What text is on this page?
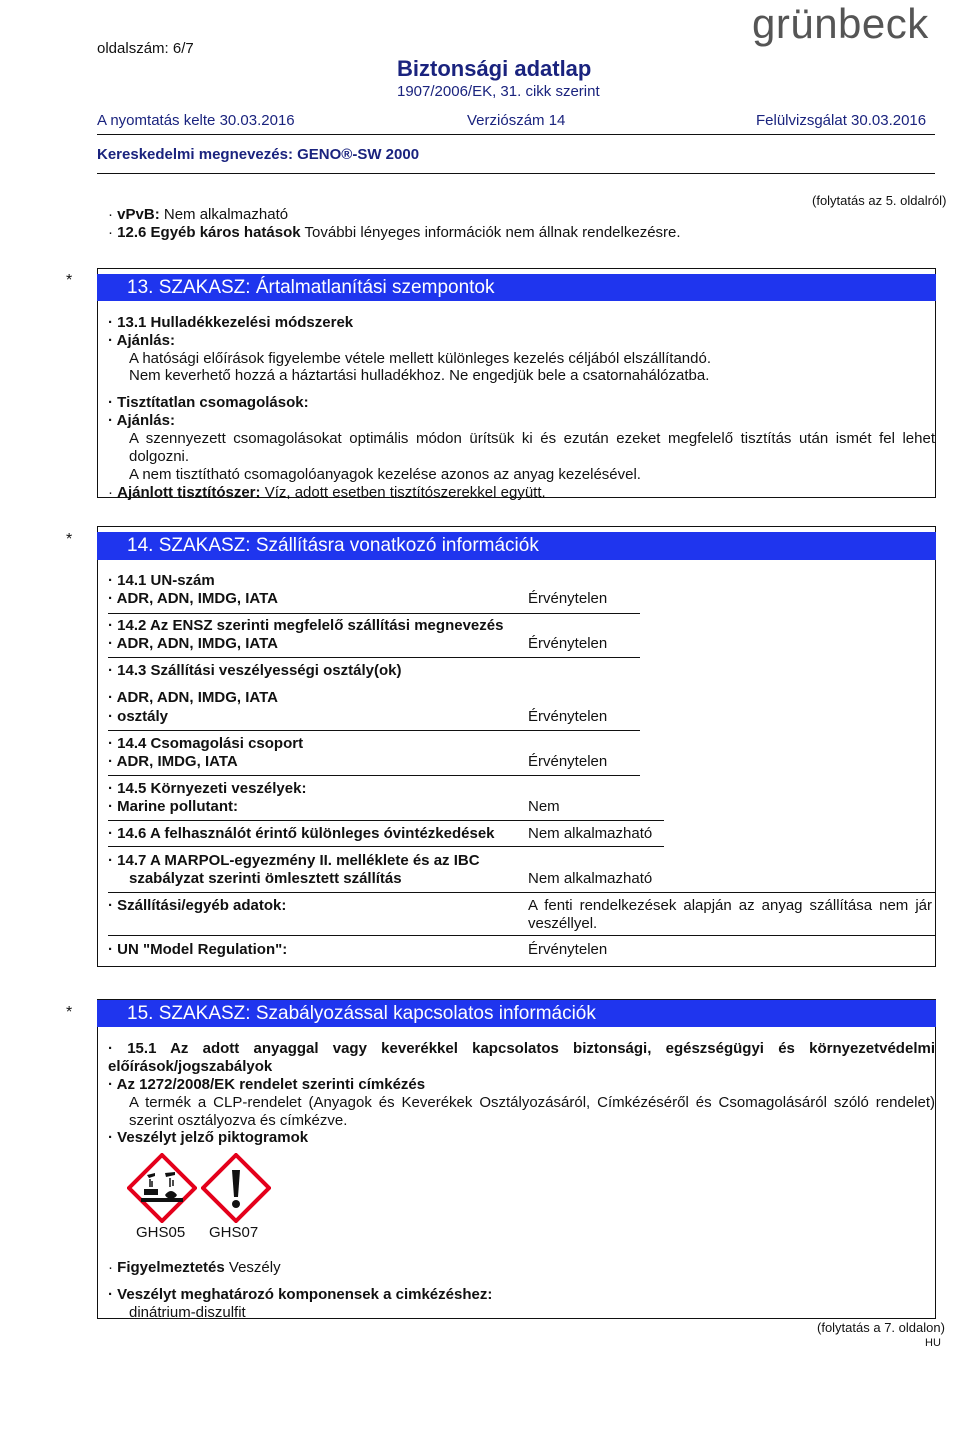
oldalszám: 6/7
Biztonsági adatlap
1907/2006/EK, 31. cikk szerint
grünbeck
A nyomtatás kelte 30.03.2016	Verziószám 14	Felülvizsgálat 30.03.2016
Kereskedelmi megnevezés: GENO®-SW 2000
(folytatás az 5. oldalról)
· vPvB: Nem alkalmazható
· 12.6 Egyéb káros hatások További lényeges információk nem állnak rendelkezésre.
*	13. SZAKASZ: Ártalmatlanítási szempontok
· 13.1 Hulladékkezelési módszerek
· Ajánlás:
A hatósági előírások figyelembe vétele mellett különleges kezelés céljából elszállítandó.
Nem keverhető hozzá a háztartási hulladékhoz. Ne engedjük bele a csatornahálózatba.
· Tisztítatlan csomagolások:
· Ajánlás:
A szennyezett csomagolásokat optimális módon ürítsük ki és ezután ezeket megfelelő tisztítás után ismét fel lehet dolgozni.
A nem tisztítható csomagolóanyagok kezelése azonos az anyag kezelésével.
· Ajánlott tisztítószer: Víz, adott esetben tisztítószerekkel együtt.
*	14. SZAKASZ: Szállításra vonatkozó információk
· 14.1 UN-szám
· ADR, ADN, IMDG, IATA	Érvénytelen
· 14.2 Az ENSZ szerinti megfelelő szállítási megnevezés
· ADR, ADN, IMDG, IATA	Érvénytelen
· 14.3 Szállítási veszélyességi osztály(ok)
· ADR, ADN, IMDG, IATA
· osztály	Érvénytelen
· 14.4 Csomagolási csoport
· ADR, IMDG, IATA	Érvénytelen
· 14.5 Környezeti veszélyek:
· Marine pollutant:	Nem
· 14.6 A felhasználót érintő különleges óvintézkedések Nem alkalmazható
· 14.7 A MARPOL-egyezmény II. melléklete és az IBC
szabályzat szerinti ömlesztett szállítás	Nem alkalmazható
· Szállítási/egyéb adatok:	A fenti rendelkezések alapján az anyag szállítása nem jár veszéllyel.
· UN "Model Regulation":	Érvénytelen
*	15. SZAKASZ: Szabályozással kapcsolatos információk
· 15.1 Az adott anyaggal vagy keverékkel kapcsolatos biztonsági, egészségügyi és környezetvédelmi előírások/jogszabályok
· Az 1272/2008/EK rendelet szerinti címkézés
A termék a CLP-rendelet (Anyagok és Keverékek Osztályozásáról, Címkézéséről és Csomagolásáról szóló rendelet) szerint osztályozva és címkézve.
· Veszélyt jelző piktogramok
GHS05 GHS07
· Figyelmeztetés Veszély
· Veszélyt meghatározó komponensek a cimkézéshez:
dinátrium-diszulfit
(folytatás a 7. oldalon)
HU
